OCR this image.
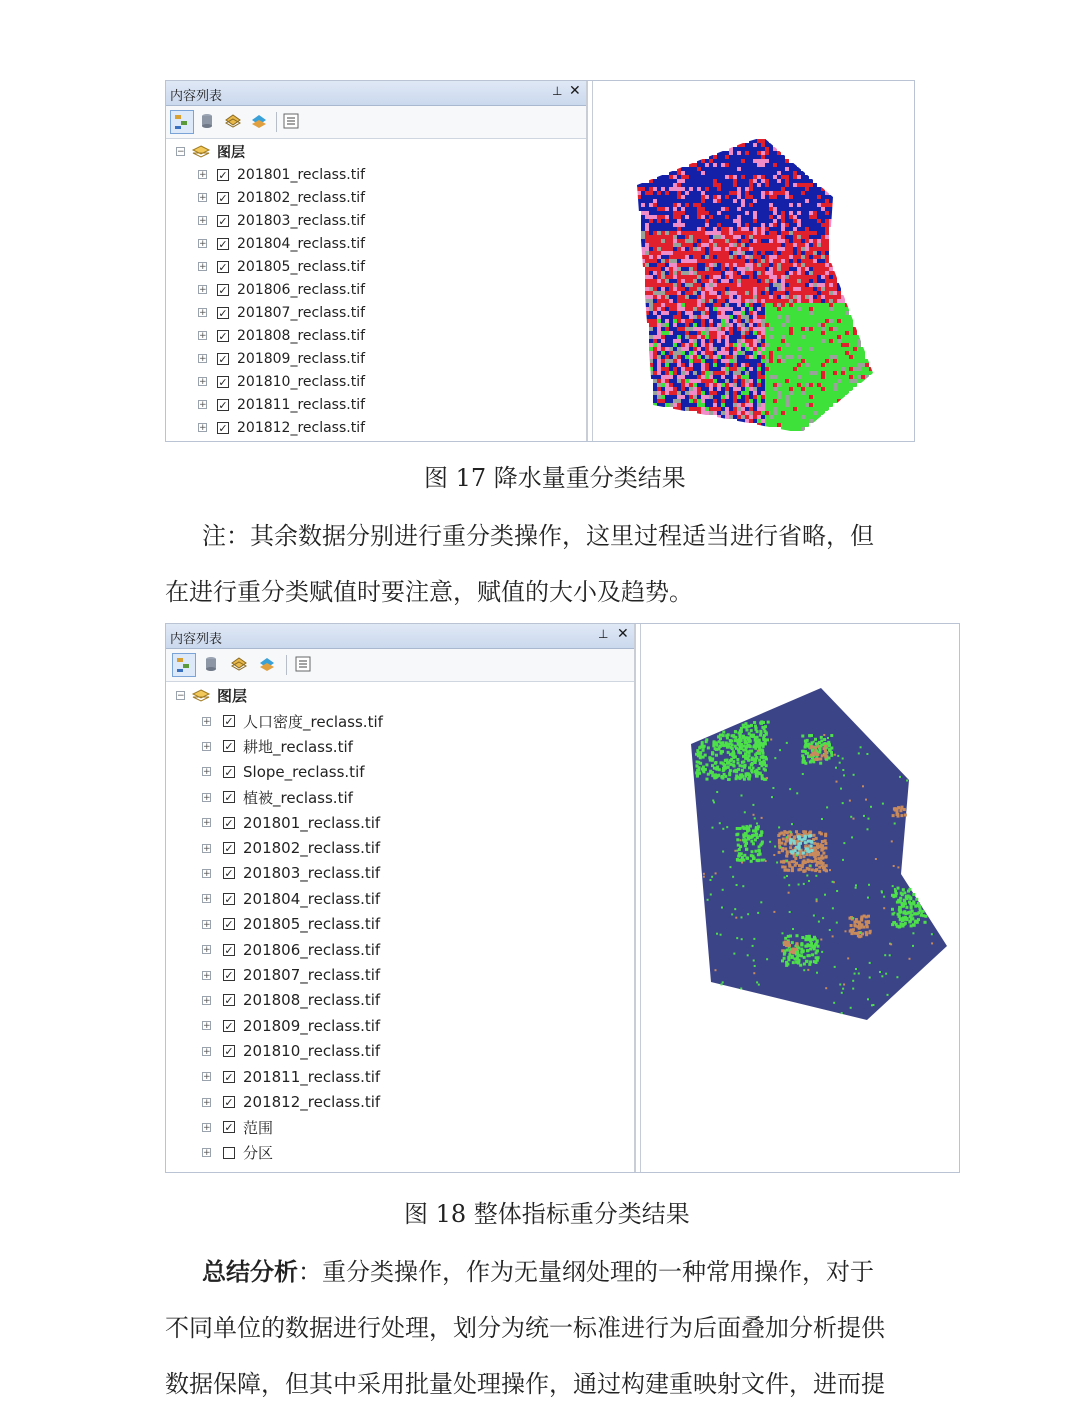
内容列表	⊥ ✕
− 图层
+ ✓ 201801_reclass.tif
+ ✓ 201802_reclass.tif
+ ✓ 201803_reclass.tif
+ ✓ 201804_reclass.tif
+ ✓ 201805_reclass.tif
+ ✓ 201806_reclass.tif
+ ✓ 201807_reclass.tif
+ ✓ 201808_reclass.tif
+ ✓ 201809_reclass.tif
+ ✓ 201810_reclass.tif
+ ✓ 201811_reclass.tif
+ ✓ 201812_reclass.tif
图 17 降水量重分类结果
注：其余数据分别进行重分类操作，这里过程适当进行省略，但
在进行重分类赋值时要注意，赋值的大小及趋势。
内容列表	⊥ ✕
− 图层
+ ✓ 人口密度_reclass.tif
+ ✓ 耕地_reclass.tif
+ ✓ Slope_reclass.tif
+ ✓ 植被_reclass.tif
+ ✓ 201801_reclass.tif
+ ✓ 201802_reclass.tif
+ ✓ 201803_reclass.tif
+ ✓ 201804_reclass.tif
+ ✓ 201805_reclass.tif
+ ✓ 201806_reclass.tif
+ ✓ 201807_reclass.tif
+ ✓ 201808_reclass.tif
+ ✓ 201809_reclass.tif
+ ✓ 201810_reclass.tif
+ ✓ 201811_reclass.tif
+ ✓ 201812_reclass.tif
+ ✓ 范围
+ 分区
图 18 整体指标重分类结果
总结分析：重分类操作，作为无量纲处理的一种常用操作，对于
不同单位的数据进行处理，划分为统一标准进行为后面叠加分析提供
数据保障，但其中采用批量处理操作，通过构建重映射文件，进而提
